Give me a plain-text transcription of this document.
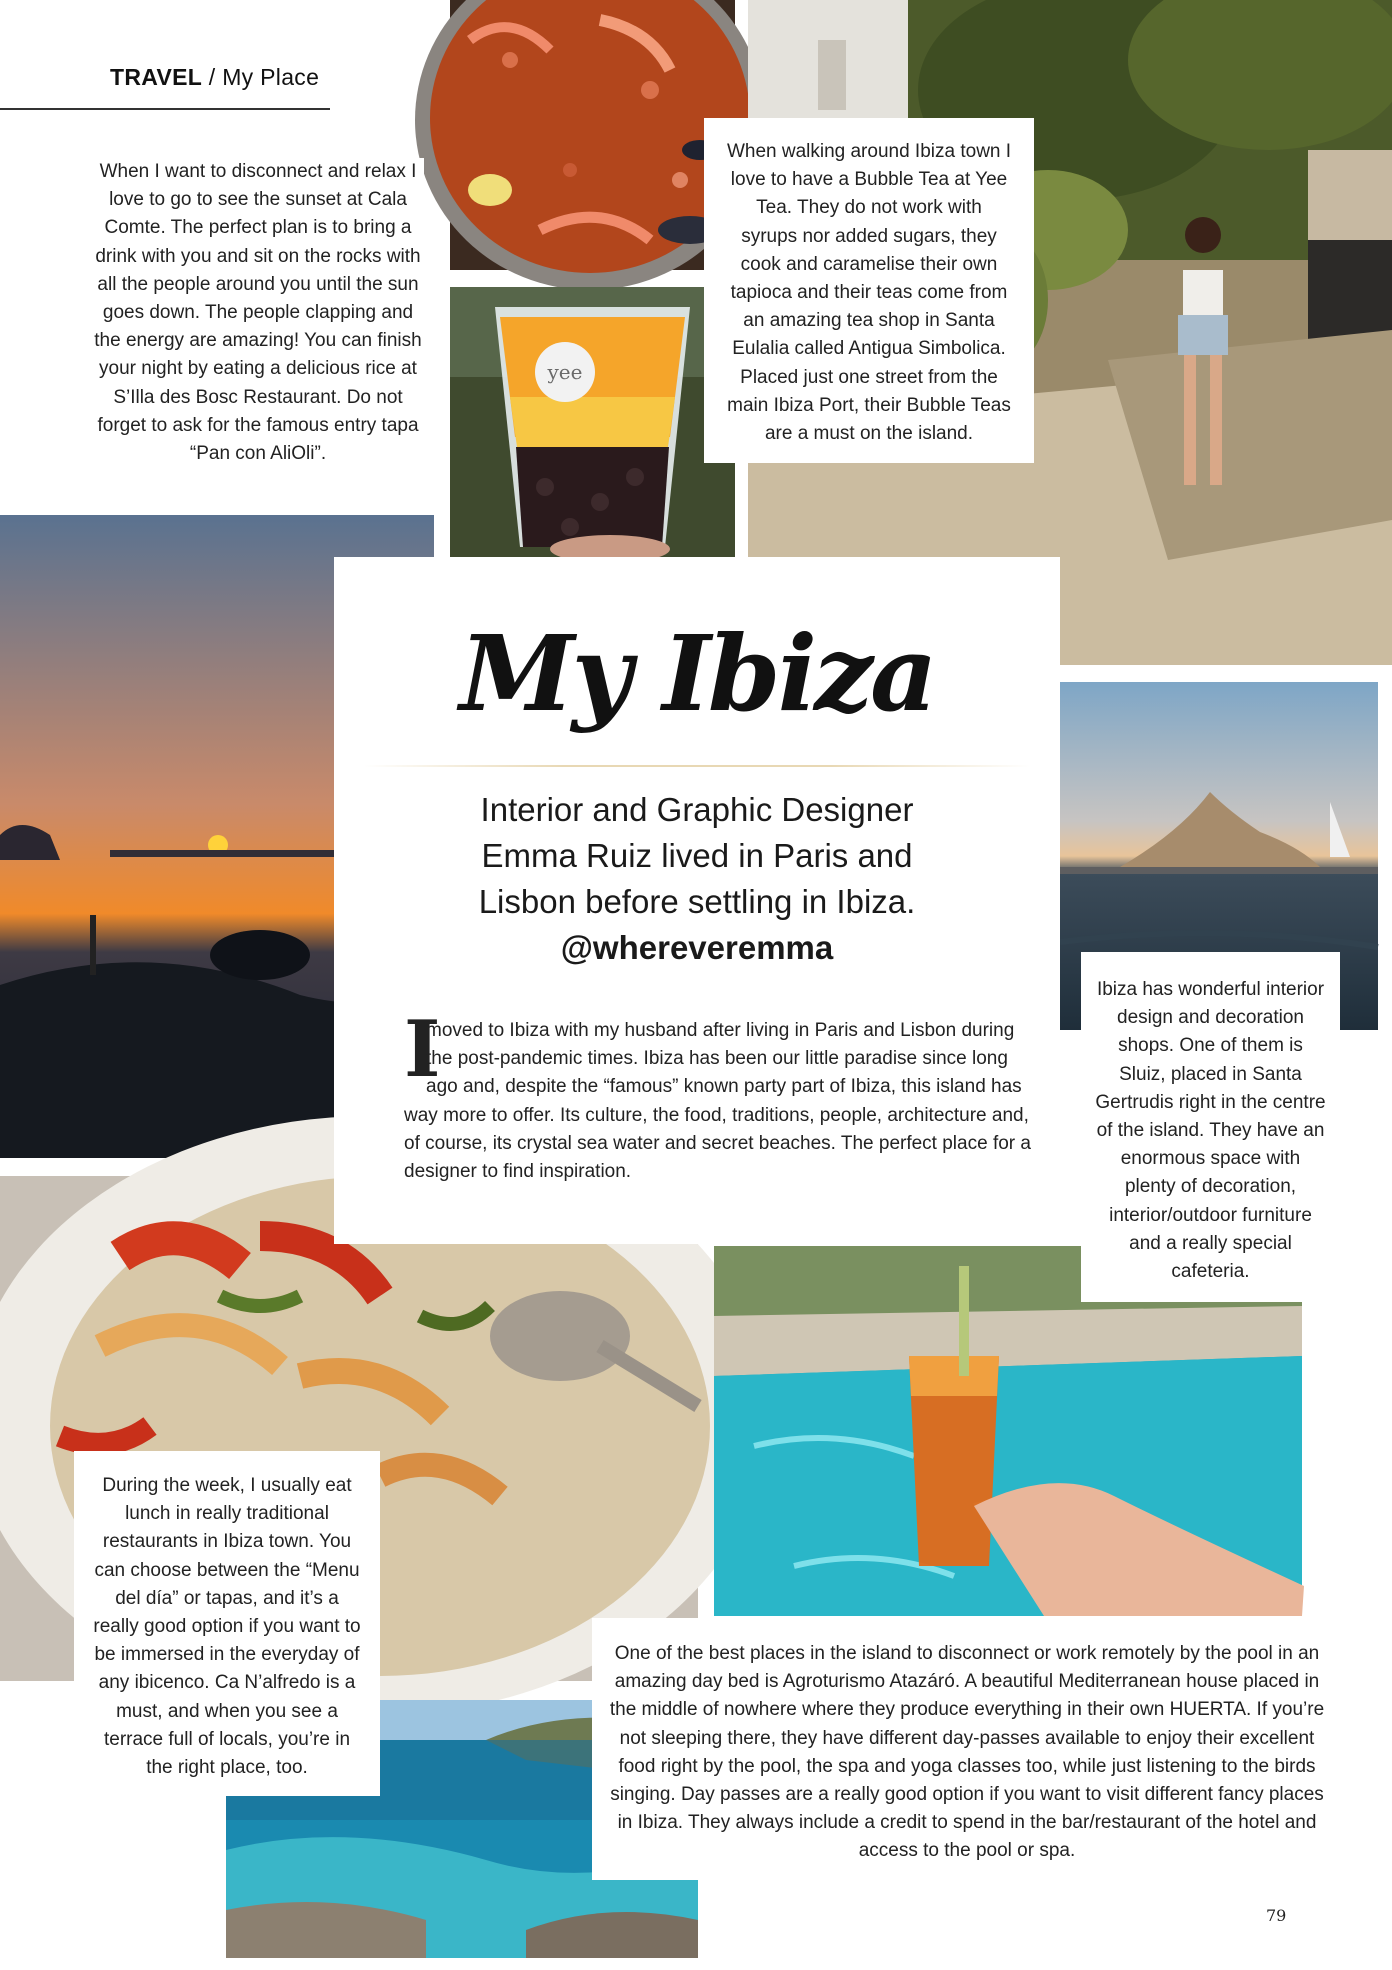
yee
TRAVEL / My Place
When I want to disconnect and relax I love to go to see the sunset at Cala Comte. The perfect plan is to bring a drink with you and sit on the rocks with all the people around you until the sun goes down. The people clapping and the energy are amazing! You can finish your night by eating a delicious rice at S’Illa des Bosc Restaurant. Do not forget to ask for the famous entry tapa “Pan con AliOli”.
When walking around Ibiza town I love to have a Bubble Tea at Yee Tea. They do not work with syrups nor added sugars, they cook and caramelise their own tapioca and their teas come from an amazing tea shop in Santa Eulalia called Antigua Simbolica. Placed just one street from the main Ibiza Port, their Bubble Teas are a must on the island.
My Ibiza
Interior and Graphic Designer
Emma Ruiz lived in Paris and
Lisbon before settling in Ibiza.
@whereveremma
I
moved to Ibiza with my husband after living in Paris and Lisbon during the post-pandemic times. Ibiza has been our little paradise since long ago and, despite the “famous” known party part of Ibiza, this island has way more to offer. Its culture, the food, traditions, people, architecture and, of course, its crystal sea water and secret beaches. The perfect place for a designer to find inspiration.
Ibiza has wonderful interior design and decoration shops. One of them is Sluiz, placed in Santa Gertrudis right in the centre of the island. They have an enormous space with plenty of decoration, interior/outdoor furniture and a really special cafeteria.
During the week, I usually eat lunch in really traditional restaurants in Ibiza town. You can choose between the “Menu del día” or tapas, and it’s a really good option if you want to be immersed in the everyday of any ibicenco. Ca N’alfredo is a must, and when you see a terrace full of locals, you’re in the right place, too.
One of the best places in the island to disconnect or work remotely by the pool in an amazing day bed is Agroturismo Atazáró. A beautiful Mediterranean house placed in the middle of nowhere where they produce everything in their own HUERTA. If you’re not sleeping there, they have different day-passes available to enjoy their excellent food right by the pool, the spa and yoga classes too, while just listening to the birds singing. Day passes are a really good option if you want to visit different fancy places in Ibiza. They always include a credit to spend in the bar/restaurant of the hotel and access to the pool or spa.
79
